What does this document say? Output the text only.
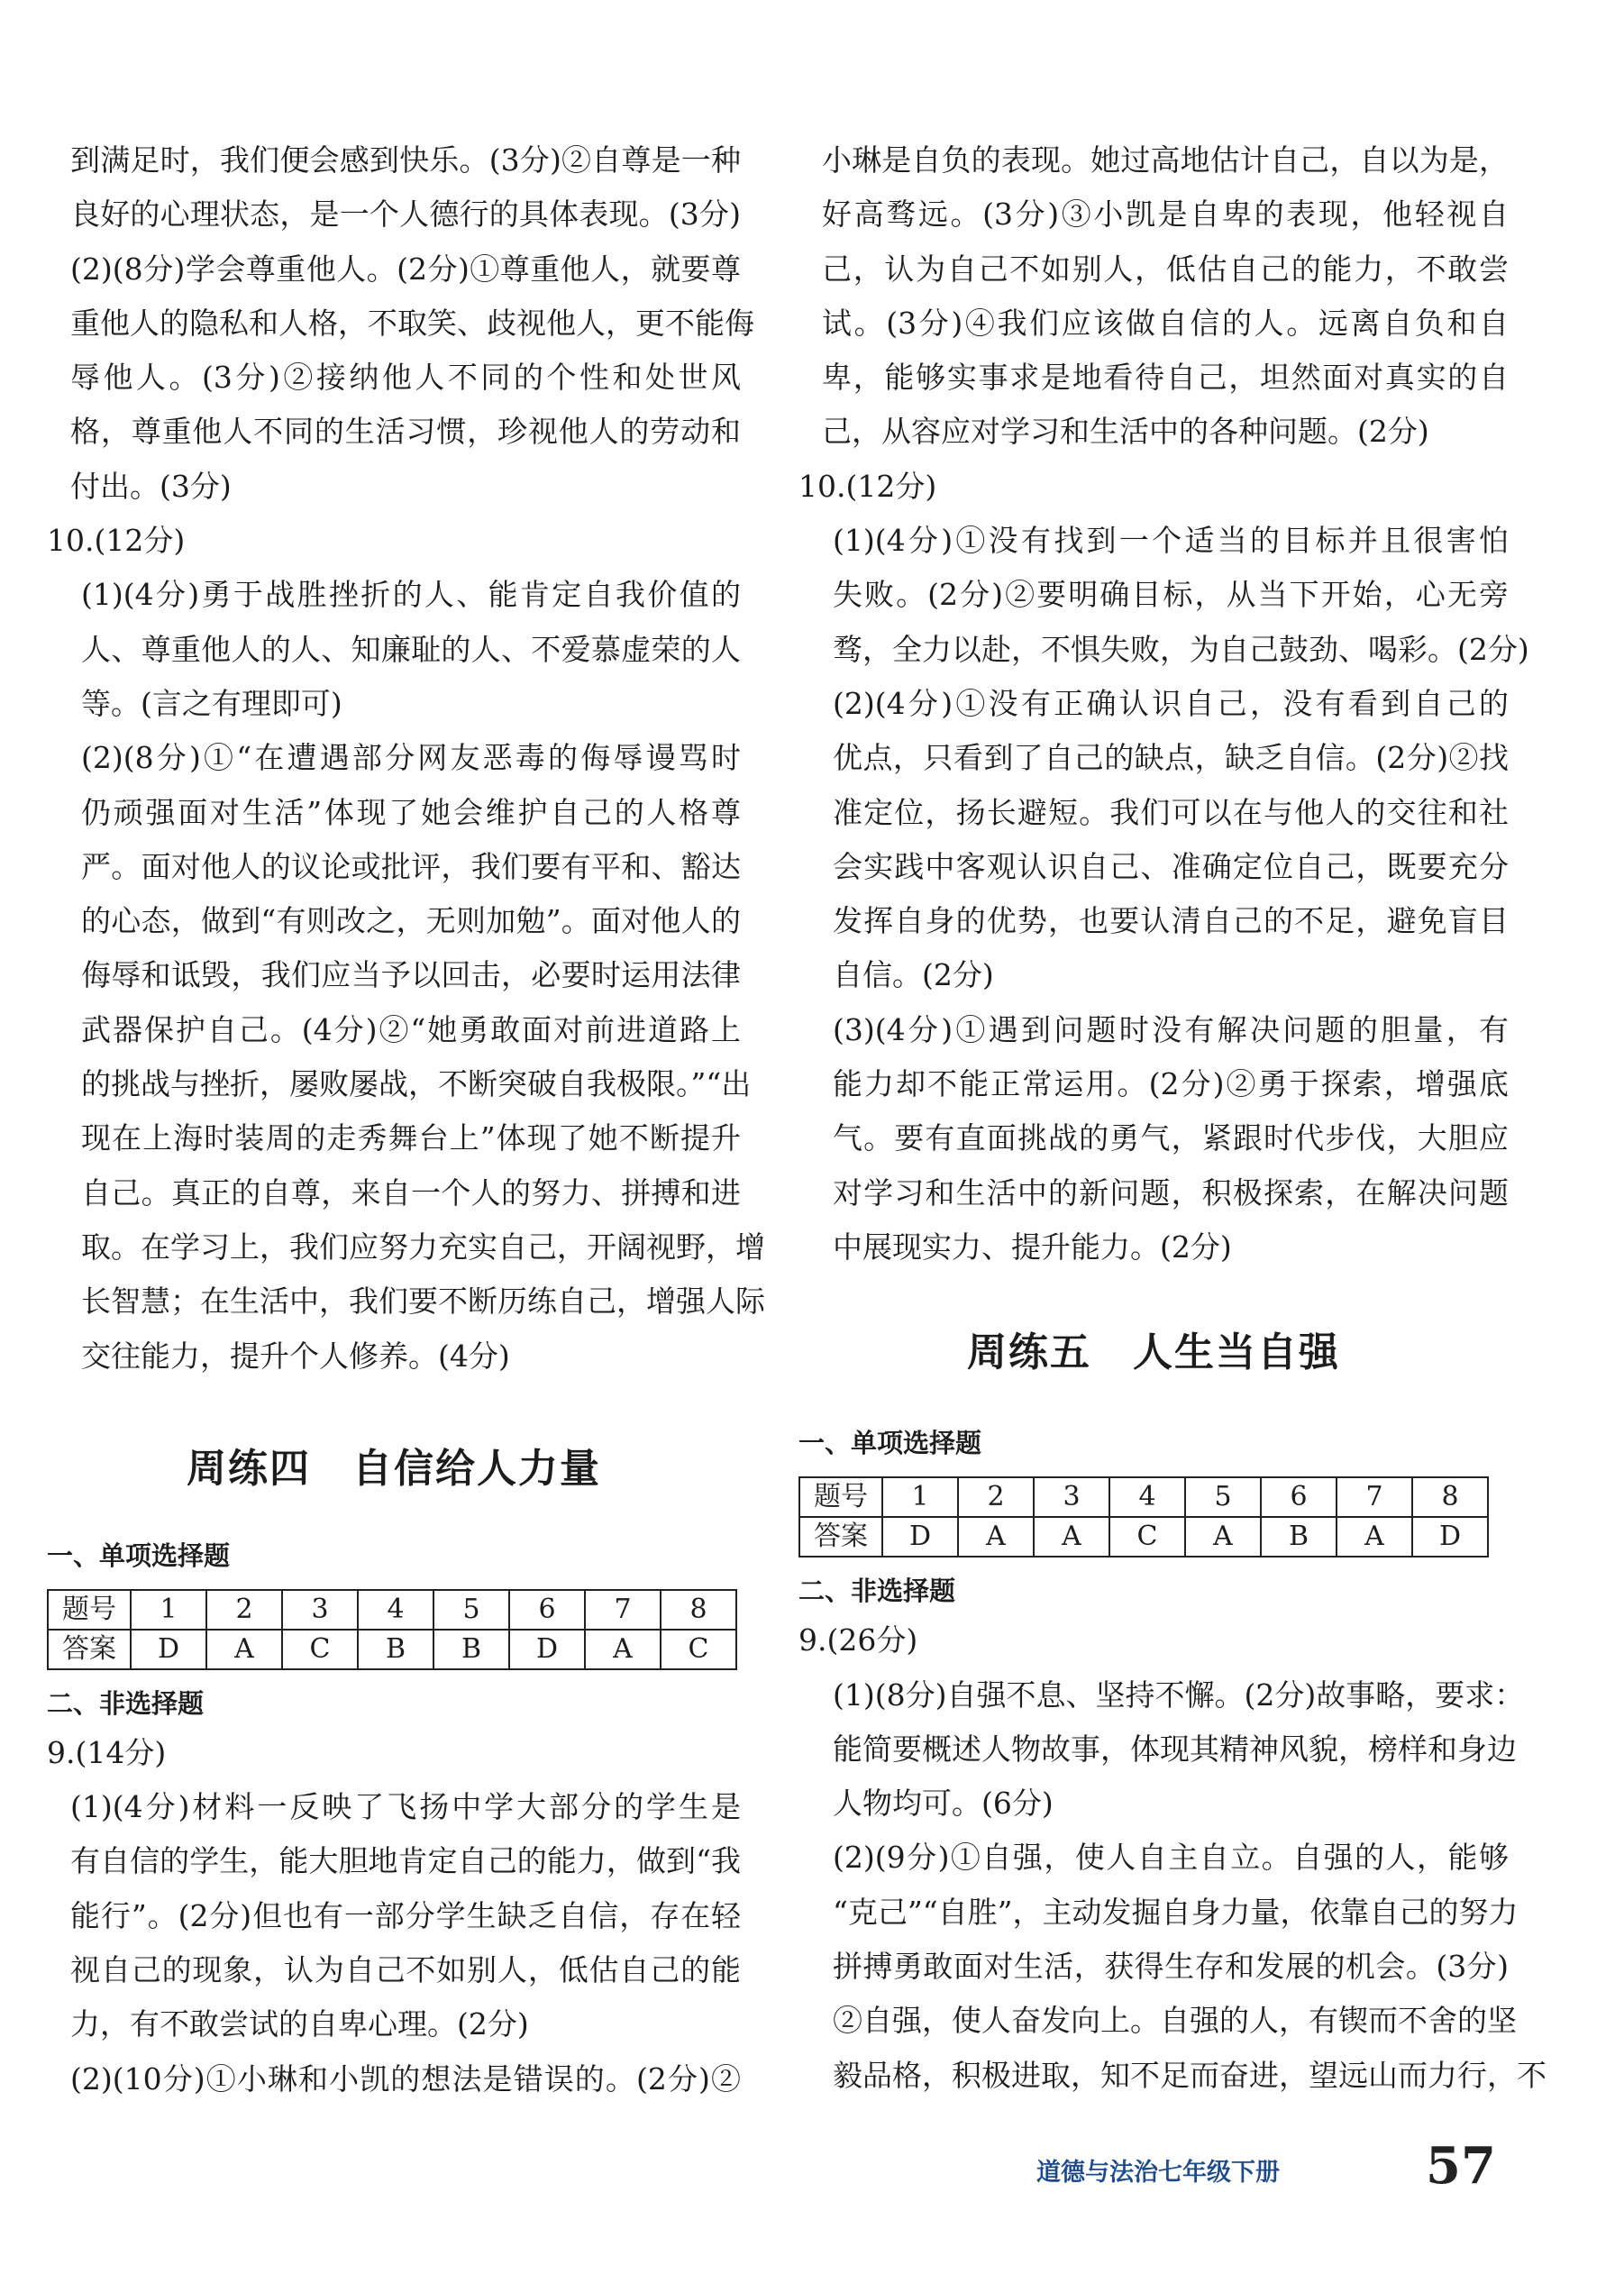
到满足时，我们便会感到快乐。(3分)②自尊是一种
良好的心理状态，是一个人德行的具体表现。(3分)
(2)(8分)学会尊重他人。(2分)①尊重他人，就要尊
重他人的隐私和人格，不取笑、歧视他人，更不能侮
辱他人。(3分)②接纳他人不同的个性和处世风
格，尊重他人不同的生活习惯，珍视他人的劳动和
付出。(3分)
10.(12分)
(1)(4分)勇于战胜挫折的人、能肯定自我价值的
人、尊重他人的人、知廉耻的人、不爱慕虚荣的人
等。(言之有理即可)
(2)(8分)①“在遭遇部分网友恶毒的侮辱谩骂时
仍顽强面对生活”体现了她会维护自己的人格尊
严。面对他人的议论或批评，我们要有平和、豁达
的心态，做到“有则改之，无则加勉”。面对他人的
侮辱和诋毁，我们应当予以回击，必要时运用法律
武器保护自己。(4分)②“她勇敢面对前进道路上
的挑战与挫折，屡败屡战，不断突破自我极限。”“出
现在上海时装周的走秀舞台上”体现了她不断提升
自己。真正的自尊，来自一个人的努力、拼搏和进
取。在学习上，我们应努力充实自己，开阔视野，增
长智慧；在生活中，我们要不断历练自己，增强人际
交往能力，提升个人修养。(4分)
周练四　自信给人力量
一、单项选择题
题号	1	2	3	4	5	6	7	8
答案	D	A	C	B	B	D	A	C
二、非选择题
9.(14分)
(1)(4分)材料一反映了飞扬中学大部分的学生是
有自信的学生，能大胆地肯定自己的能力，做到“我
能行”。(2分)但也有一部分学生缺乏自信，存在轻
视自己的现象，认为自己不如别人，低估自己的能
力，有不敢尝试的自卑心理。(2分)
(2)(10分)①小琳和小凯的想法是错误的。(2分)②
小琳是自负的表现。她过高地估计自己，自以为是，
好高骛远。(3分)③小凯是自卑的表现，他轻视自
己，认为自己不如别人，低估自己的能力，不敢尝
试。(3分)④我们应该做自信的人。远离自负和自
卑，能够实事求是地看待自己，坦然面对真实的自
己，从容应对学习和生活中的各种问题。(2分)
10.(12分)
(1)(4分)①没有找到一个适当的目标并且很害怕
失败。(2分)②要明确目标，从当下开始，心无旁
骛，全力以赴，不惧失败，为自己鼓劲、喝彩。(2分)
(2)(4分)①没有正确认识自己，没有看到自己的
优点，只看到了自己的缺点，缺乏自信。(2分)②找
准定位，扬长避短。我们可以在与他人的交往和社
会实践中客观认识自己、准确定位自己，既要充分
发挥自身的优势，也要认清自己的不足，避免盲目
自信。(2分)
(3)(4分)①遇到问题时没有解决问题的胆量，有
能力却不能正常运用。(2分)②勇于探索，增强底
气。要有直面挑战的勇气，紧跟时代步伐，大胆应
对学习和生活中的新问题，积极探索，在解决问题
中展现实力、提升能力。(2分)
周练五　人生当自强
一、单项选择题
题号	1	2	3	4	5	6	7	8
答案	D	A	A	C	A	B	A	D
二、非选择题
9.(26分)
(1)(8分)自强不息、坚持不懈。(2分)故事略，要求：
能简要概述人物故事，体现其精神风貌，榜样和身边
人物均可。(6分)
(2)(9分)①自强，使人自主自立。自强的人，能够
“克己”“自胜”，主动发掘自身力量，依靠自己的努力
拼搏勇敢面对生活，获得生存和发展的机会。(3分)
②自强，使人奋发向上。自强的人，有锲而不舍的坚
毅品格，积极进取，知不足而奋进，望远山而力行，不
道德与法治七年级下册	57
